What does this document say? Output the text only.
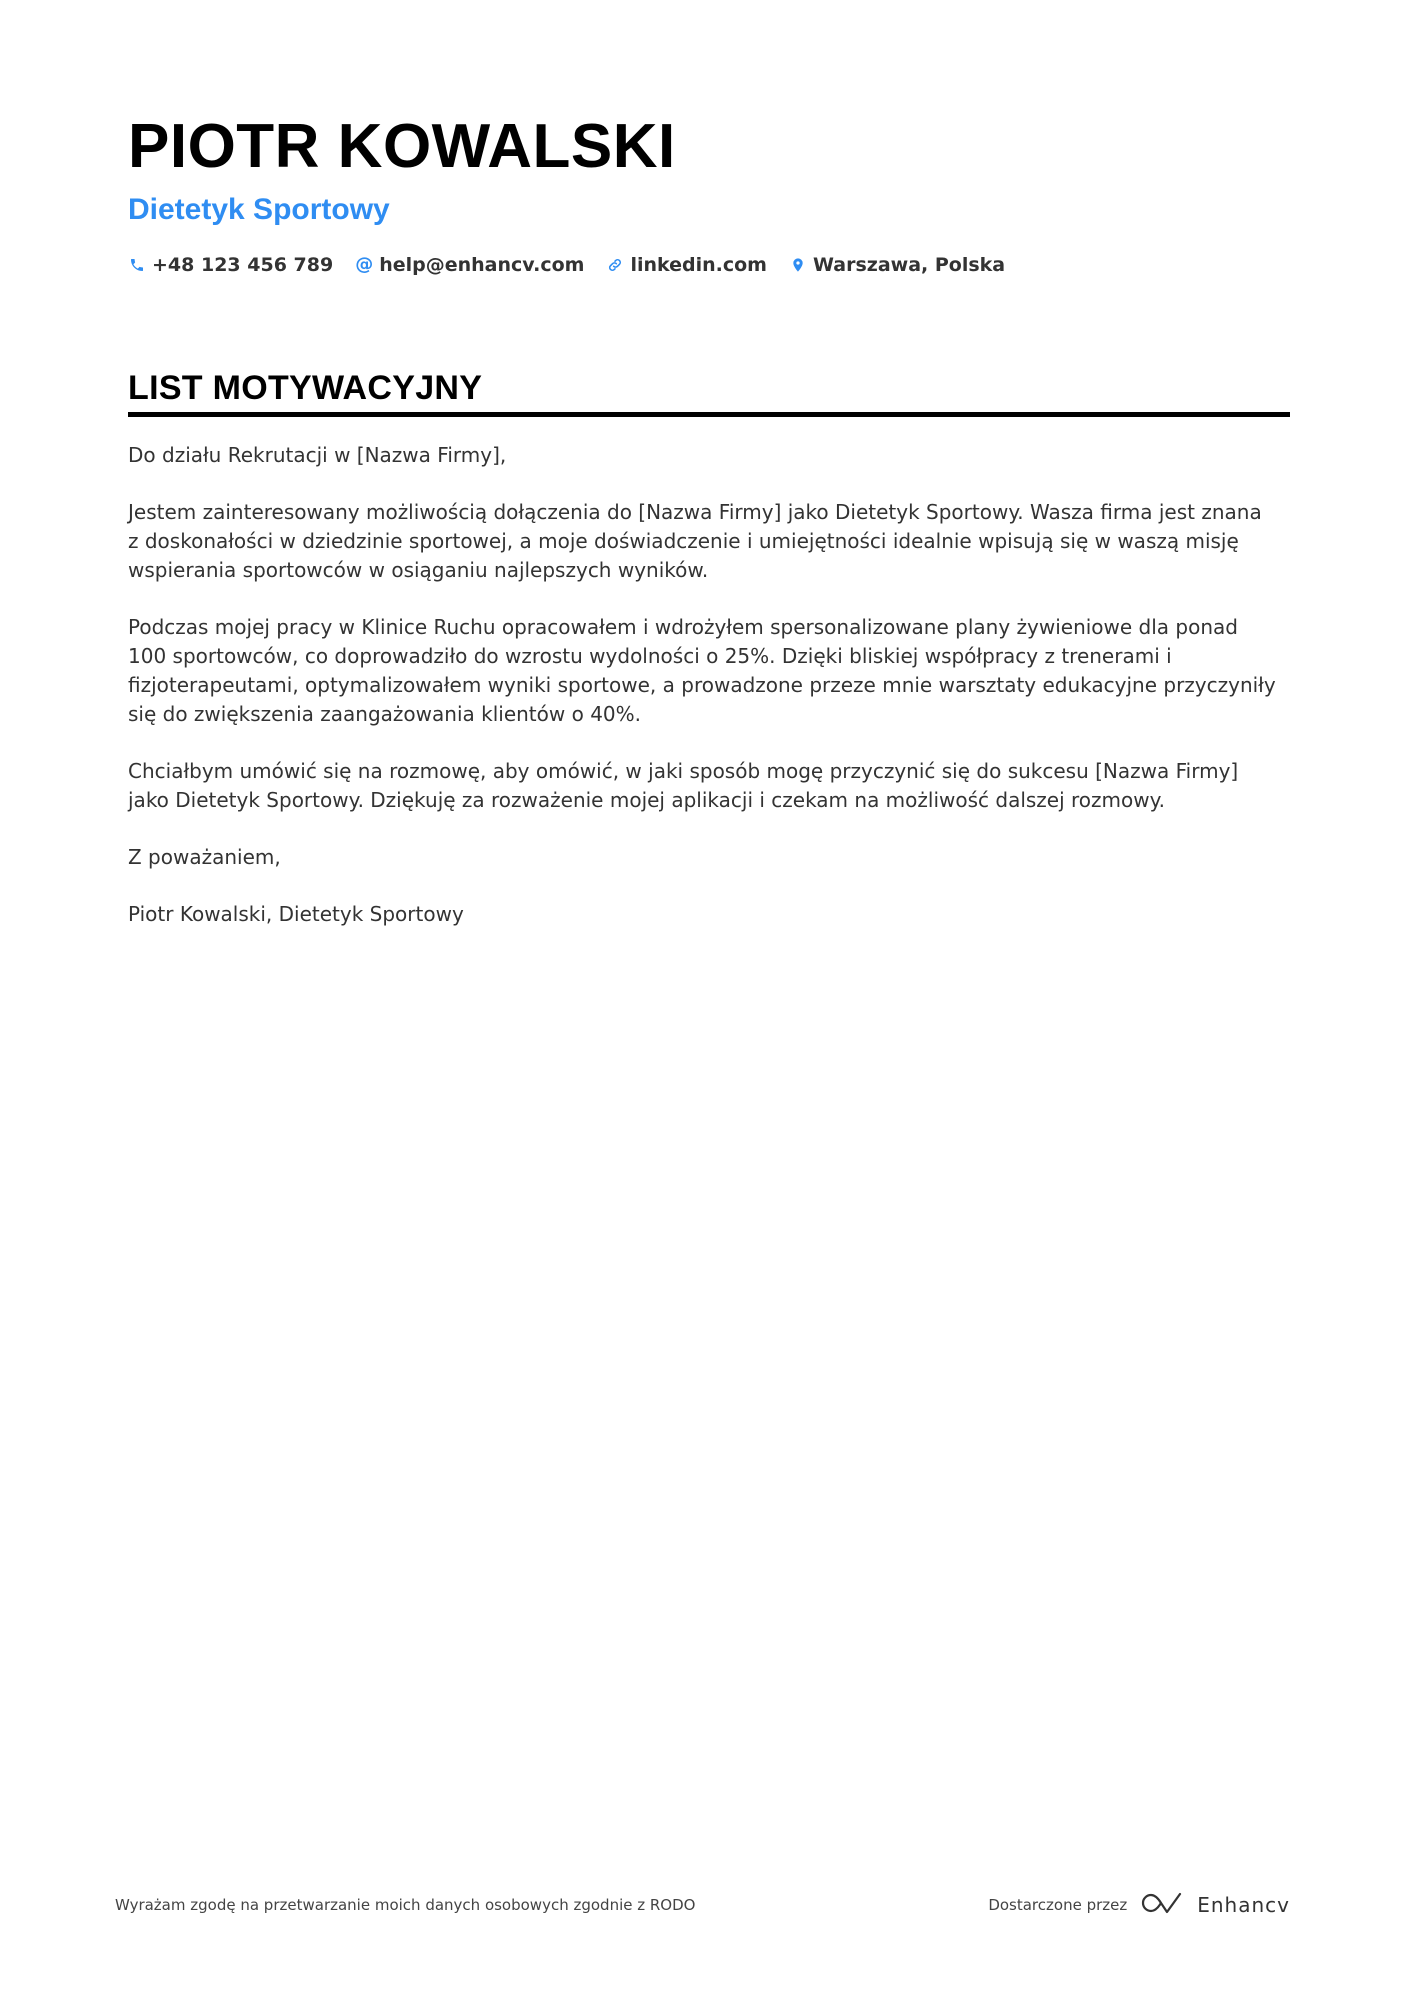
PIOTR KOWALSKI
Dietetyk Sportowy
+48 123 456 789 @ help@enhancv.com linkedin.com Warszawa, Polska
LIST MOTYWACYJNY

Do działu Rekrutacji w [Nazwa Firmy],

Jestem zainteresowany możliwością dołączenia do [Nazwa Firmy] jako Dietetyk Sportowy. Wasza firma jest znana z doskonałości w dziedzinie sportowej, a moje doświadczenie i umiejętności idealnie wpisują się w waszą misję wspierania sportowców w osiąganiu najlepszych wyników.

Podczas mojej pracy w Klinice Ruchu opracowałem i wdrożyłem spersonalizowane plany żywieniowe dla ponad 100 sportowców, co doprowadziło do wzrostu wydolności o 25%. Dzięki bliskiej współpracy z trenerami i fizjoterapeutami, optymalizowałem wyniki sportowe, a prowadzone przeze mnie warsztaty edukacyjne przyczyniły się do zwiększenia zaangażowania klientów o 40%.

Chciałbym umówić się na rozmowę, aby omówić, w jaki sposób mogę przyczynić się do sukcesu [Nazwa Firmy] jako Dietetyk Sportowy. Dziękuję za rozważenie mojej aplikacji i czekam na możliwość dalszej rozmowy.

Z poważaniem,

Piotr Kowalski, Dietetyk Sportowy

Wyrażam zgodę na przetwarzanie moich danych osobowych zgodnie z RODO	Dostarczone przez	Enhancv
